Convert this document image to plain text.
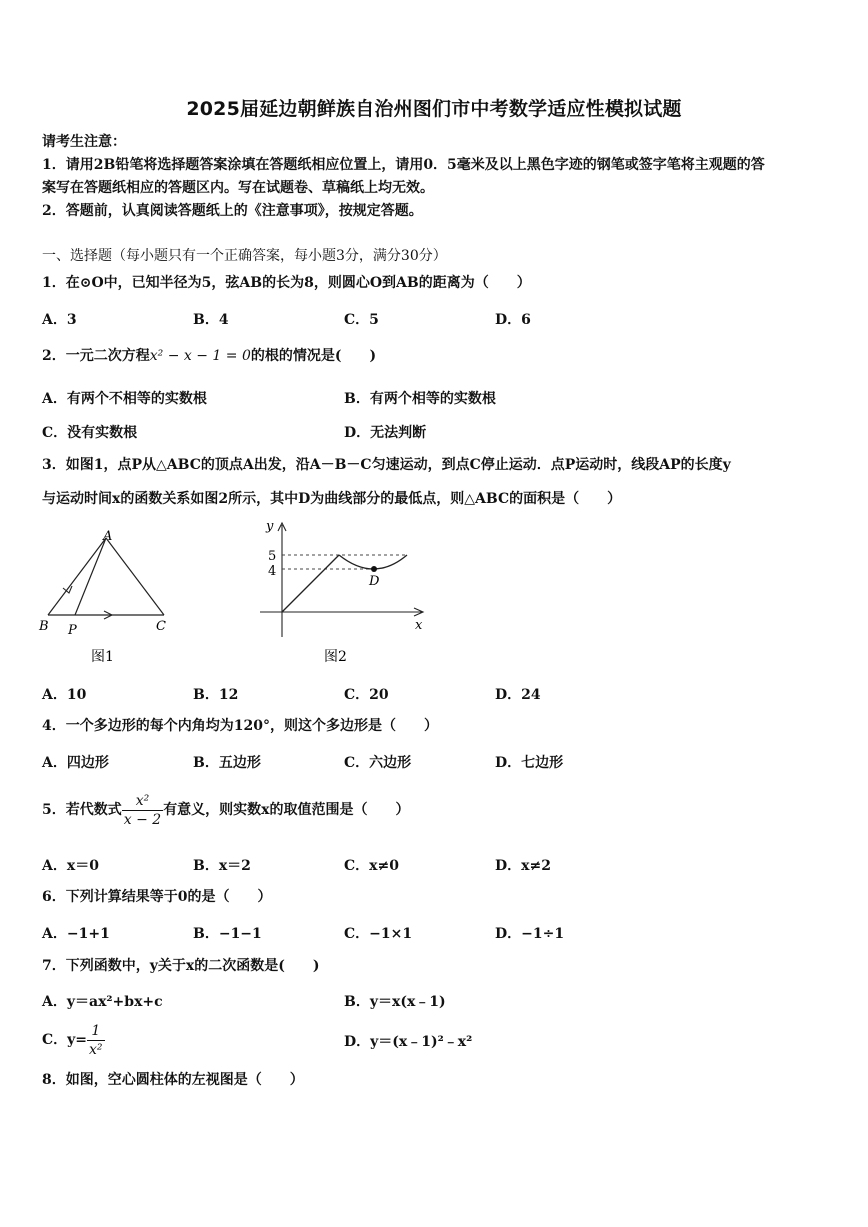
2025届延边朝鲜族自治州图们市中考数学适应性模拟试题
请考生注意：
1．请用2B铅笔将选择题答案涂填在答题纸相应位置上，请用0．5毫米及以上黑色字迹的钢笔或签字笔将主观题的答
案写在答题纸相应的答题区内。写在试题卷、草稿纸上均无效。
2．答题前，认真阅读答题纸上的《注意事项》，按规定答题。
一、选择题（每小题只有一个正确答案，每小题3分，满分30分）
1．在⊙O中，已知半径为5，弦AB的长为8，则圆心O到AB的距离为（　　）
A．3	B．4	C．5	D．6
2．一元二次方程x² − x − 1 = 0的根的情况是(　　)
A．有两个不相等的实数根	B．有两个相等的实数根
C．没有实数根	D．无法判断
3．如图1，点P从△ABC的顶点A出发，沿A－B－C匀速运动，到点C停止运动．点P运动时，线段AP的长度y
与运动时间x的函数关系如图2所示，其中D为曲线部分的最低点，则△ABC的面积是（　　）
A
B	C
P
图1
y
x
5
4
D
图2
A．10	B．12	C．20	D．24
4．一个多边形的每个内角均为120°，则这个多边形是（　　）
A．四边形	B．五边形	C．六边形	D．七边形
5．若代数式 $\frac{\text{x²}}{x - 2}$ 有意义，则实数x的取值范围是（　　）
A．x＝0	B．x＝2	C．x≠0	D．x≠2
6．下列计算结果等于0的是（　　）
A．−1+1	B．−1−1	C．−1×1	D．−1÷1
7．下列函数中，y关于x的二次函数是(　　)
A．y＝ax²+bx+c	B．y＝x(x﹣1)
C．$y= \frac{1}{\text{x²}}$	D．y＝(x﹣1)²﹣x²
8．如图，空心圆柱体的左视图是（　　）
